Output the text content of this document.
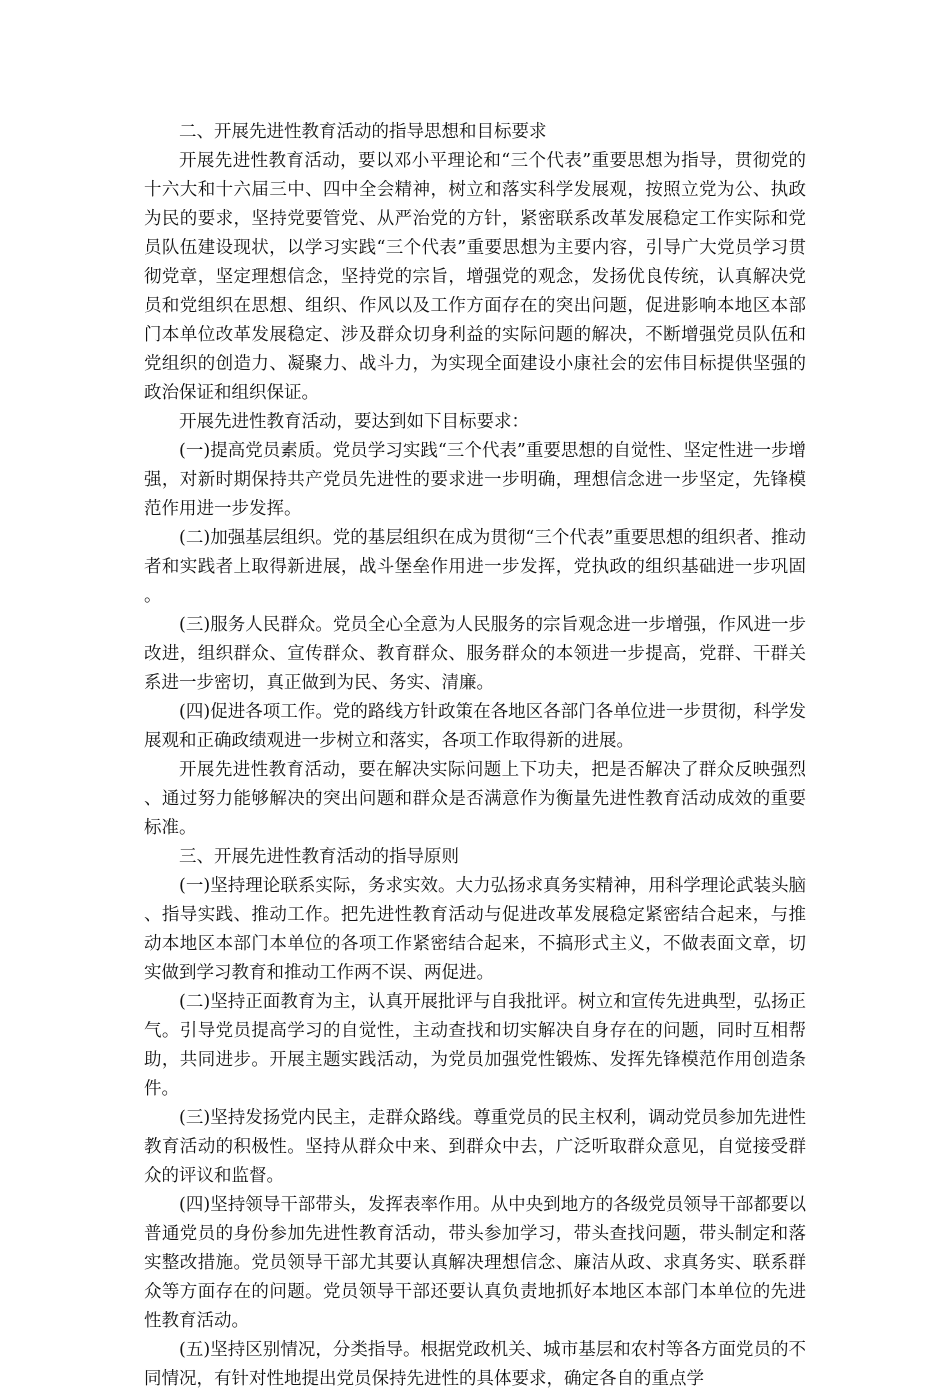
二、开展先进性教育活动的指导思想和目标要求

开展先进性教育活动，要以邓小平理论和“三个代表”重要思想为指导，贯彻党的十六大和十六届三中、四中全会精神，树立和落实科学发展观，按照立党为公、执政为民的要求，坚持党要管党、从严治党的方针，紧密联系改革发展稳定工作实际和党员队伍建设现状，以学习实践“三个代表”重要思想为主要内容，引导广大党员学习贯彻党章，坚定理想信念，坚持党的宗旨，增强党的观念，发扬优良传统，认真解决党员和党组织在思想、组织、作风以及工作方面存在的突出问题，促进影响本地区本部门本单位改革发展稳定、涉及群众切身利益的实际问题的解决，不断增强党员队伍和党组织的创造力、凝聚力、战斗力，为实现全面建设小康社会的宏伟目标提供坚强的政治保证和组织保证。

开展先进性教育活动，要达到如下目标要求：

(一)提高党员素质。党员学习实践“三个代表”重要思想的自觉性、坚定性进一步增强，对新时期保持共产党员先进性的要求进一步明确，理想信念进一步坚定，先锋模范作用进一步发挥。

(二)加强基层组织。党的基层组织在成为贯彻“三个代表”重要思想的组织者、推动者和实践者上取得新进展，战斗堡垒作用进一步发挥，党执政的组织基础进一步巩固。

(三)服务人民群众。党员全心全意为人民服务的宗旨观念进一步增强，作风进一步改进，组织群众、宣传群众、教育群众、服务群众的本领进一步提高，党群、干群关系进一步密切，真正做到为民、务实、清廉。

(四)促进各项工作。党的路线方针政策在各地区各部门各单位进一步贯彻，科学发展观和正确政绩观进一步树立和落实，各项工作取得新的进展。

开展先进性教育活动，要在解决实际问题上下功夫，把是否解决了群众反映强烈、通过努力能够解决的突出问题和群众是否满意作为衡量先进性教育活动成效的重要标准。

三、开展先进性教育活动的指导原则

(一)坚持理论联系实际，务求实效。大力弘扬求真务实精神，用科学理论武装头脑、指导实践、推动工作。把先进性教育活动与促进改革发展稳定紧密结合起来，与推动本地区本部门本单位的各项工作紧密结合起来，不搞形式主义，不做表面文章，切实做到学习教育和推动工作两不误、两促进。

(二)坚持正面教育为主，认真开展批评与自我批评。树立和宣传先进典型，弘扬正气。引导党员提高学习的自觉性，主动查找和切实解决自身存在的问题，同时互相帮助，共同进步。开展主题实践活动，为党员加强党性锻炼、发挥先锋模范作用创造条件。

(三)坚持发扬党内民主，走群众路线。尊重党员的民主权利，调动党员参加先进性教育活动的积极性。坚持从群众中来、到群众中去，广泛听取群众意见，自觉接受群众的评议和监督。

(四)坚持领导干部带头，发挥表率作用。从中央到地方的各级党员领导干部都要以普通党员的身份参加先进性教育活动，带头参加学习，带头查找问题，带头制定和落实整改措施。党员领导干部尤其要认真解决理想信念、廉洁从政、求真务实、联系群众等方面存在的问题。党员领导干部还要认真负责地抓好本地区本部门本单位的先进性教育活动。

(五)坚持区别情况，分类指导。根据党政机关、城市基层和农村等各方面党员的不同情况，有针对性地提出党员保持先进性的具体要求，确定各自的重点学
